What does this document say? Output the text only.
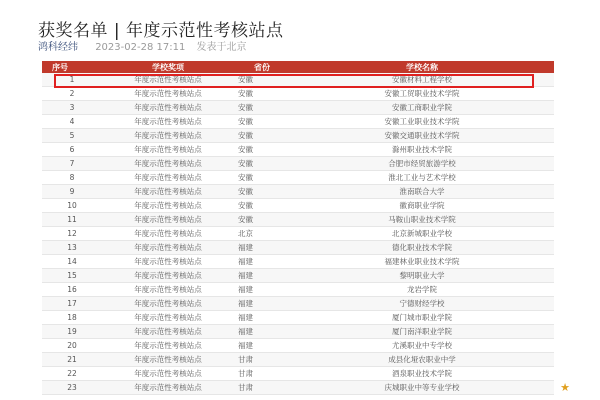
获奖名单 | 年度示范性考核站点
鸿科经纬 2023-02-28 17:11 发表于北京
序号	学校奖项	省份	学校名称
1	年度示范性考核站点	安徽	安徽材料工程学校
2	年度示范性考核站点	安徽	安徽工贸职业技术学院
3	年度示范性考核站点	安徽	安徽工商职业学院
4	年度示范性考核站点	安徽	安徽工业职业技术学院
5	年度示范性考核站点	安徽	安徽交通职业技术学院
6	年度示范性考核站点	安徽	滁州职业技术学院
7	年度示范性考核站点	安徽	合肥市经贸旅游学校
8	年度示范性考核站点	安徽	淮北工业与艺术学校
9	年度示范性考核站点	安徽	淮南联合大学
10	年度示范性考核站点	安徽	徽商职业学院
11	年度示范性考核站点	安徽	马鞍山职业技术学院
12	年度示范性考核站点	北京	北京新城职业学校
13	年度示范性考核站点	福建	德化职业技术学院
14	年度示范性考核站点	福建	福建林业职业技术学院
15	年度示范性考核站点	福建	黎明职业大学
16	年度示范性考核站点	福建	龙岩学院
17	年度示范性考核站点	福建	宁德财经学校
18	年度示范性考核站点	福建	厦门城市职业学院
19	年度示范性考核站点	福建	厦门南洋职业学院
20	年度示范性考核站点	福建	尤溪职业中专学校
21	年度示范性考核站点	甘肃	成县化垭农职业中学
22	年度示范性考核站点	甘肃	酒泉职业技术学院
23	年度示范性考核站点	甘肃	庆城职业中等专业学校	★
